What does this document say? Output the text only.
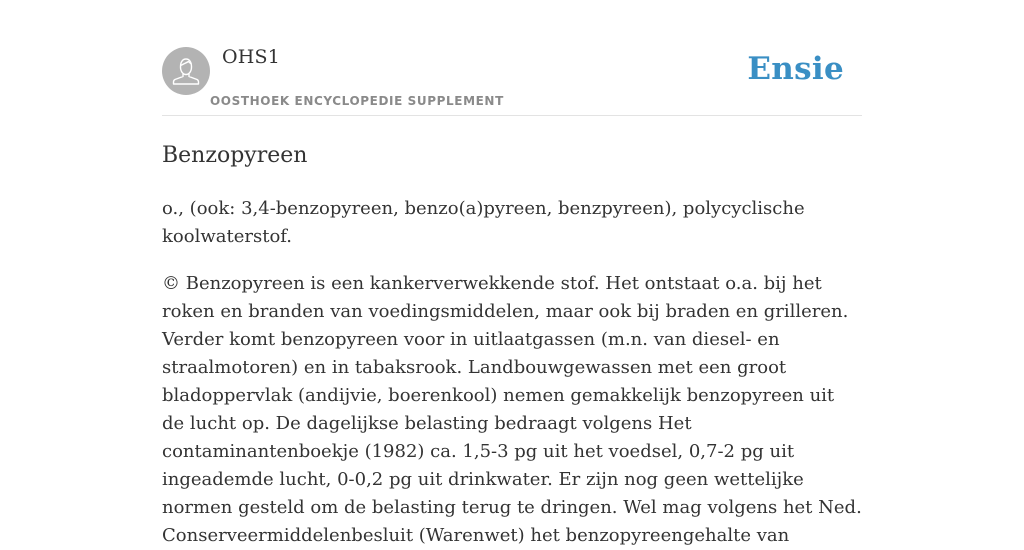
OHS1
OOSTHOEK ENCYCLOPEDIE SUPPLEMENT
Ensie
Benzopyreen

o., (ook: 3,4-benzopyreen, benzo(a)pyreen, benzpyreen), polycyclische koolwaterstof.

© Benzopyreen is een kankerverwekkende stof. Het ontstaat o.a. bij het roken en branden van voedingsmiddelen, maar ook bij braden en grilleren. Verder komt benzopyreen voor in uitlaatgassen (m.n. van diesel- en straalmotoren) en in tabaksrook. Landbouwgewassen met een groot bladoppervlak (andijvie, boerenkool) nemen gemakkelijk benzopyreen uit de lucht op. De dagelijkse belasting bedraagt volgens Het contaminantenboekje (1982) ca. 1,5-3 pg uit het voedsel, 0,7-2 pg uit ingeademde lucht, 0-0,2 pg uit drinkwater. Er zijn nog geen wettelijke normen gesteld om de belasting terug te dringen. Wel mag volgens het Ned. Conserveermiddelenbesluit (Warenwet) het benzopyreengehalte van
